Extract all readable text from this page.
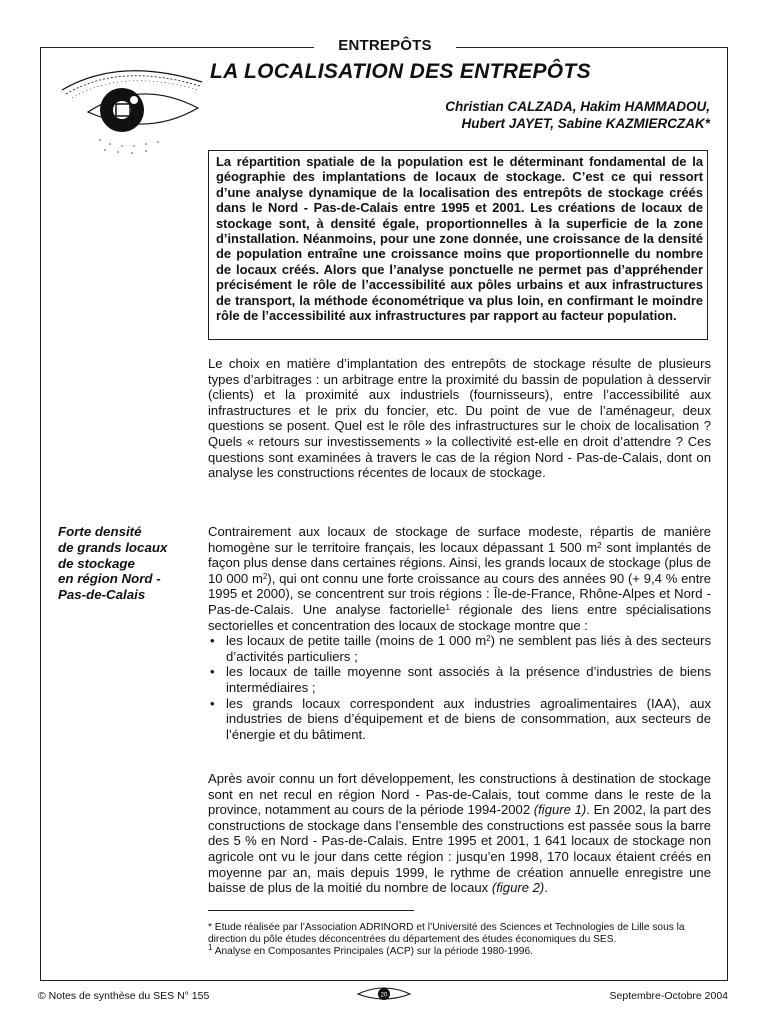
ENTREPÔTS
LA LOCALISATION DES ENTREPÔTS
Christian CALZADA, Hakim HAMMADOU,
Hubert JAYET, Sabine KAZMIERCZAK*
La répartition spatiale de la population est le déterminant fondamental de la géographie des implantations de locaux de stockage. C’est ce qui ressort d’une analyse dynamique de la localisation des entrepôts de stockage créés dans le Nord - Pas-de-Calais entre 1995 et 2001. Les créations de locaux de stockage sont, à densité égale, proportionnelles à la superficie de la zone d’installation. Néanmoins, pour une zone donnée, une croissance de la densité de population entraîne une croissance moins que proportionnelle du nombre de locaux créés. Alors que l’analyse ponctuelle ne permet pas d’appréhender précisément le rôle de l’accessibilité aux pôles urbains et aux infrastructures de transport, la méthode économétrique va plus loin, en confirmant le moindre rôle de l’accessibilité aux infrastructures par rapport au facteur population.
Le choix en matière d’implantation des entrepôts de stockage résulte de plusieurs types d’arbitrages : un arbitrage entre la proximité du bassin de population à desservir (clients) et la proximité aux industriels (fournisseurs), entre l’accessibilité aux infrastructures et le prix du foncier, etc. Du point de vue de l’aménageur, deux questions se posent. Quel est le rôle des infrastructures sur le choix de localisation ? Quels « retours sur investissements » la collectivité est-elle en droit d’attendre ? Ces questions sont examinées à travers le cas de la région Nord - Pas-de-Calais, dont on analyse les constructions récentes de locaux de stockage.
Forte densité
de grands locaux
de stockage
en région Nord -
Pas-de-Calais
Contrairement aux locaux de stockage de surface modeste, répartis de manière homogène sur le territoire français, les locaux dépassant 1 500 $m^2$ sont implantés de façon plus dense dans certaines régions. Ainsi, les grands locaux de stockage (plus de 10 000 $m^2$), qui ont connu une forte croissance au cours des années 90 (+ 9,4 % entre 1995 et 2000), se concentrent sur trois régions : Île-de-France, Rhône-Alpes et Nord - Pas-de-Calais. Une analyse factorielle$^1$ régionale des liens entre spécialisations sectorielles et concentration des locaux de stockage montre que :
• les locaux de petite taille (moins de 1 000 $m^2$) ne semblent pas liés à des secteurs d’activités particuliers ;
• les locaux de taille moyenne sont associés à la présence d’industries de biens intermédiaires ;
• les grands locaux correspondent aux industries agroalimentaires (IAA), aux industries de biens d’équipement et de biens de consommation, aux secteurs de l’énergie et du bâtiment.
Après avoir connu un fort développement, les constructions à destination de stockage sont en net recul en région Nord - Pas-de-Calais, tout comme dans le reste de la province, notamment au cours de la période 1994-2002 (figure 1). En 2002, la part des constructions de stockage dans l’ensemble des constructions est passée sous la barre des 5 % en Nord - Pas-de-Calais. Entre 1995 et 2001, 1 641 locaux de stockage non agricole ont vu le jour dans cette région : jusqu’en 1998, 170 locaux étaient créés en moyenne par an, mais depuis 1999, le rythme de création annuelle enregistre une baisse de plus de la moitié du nombre de locaux (figure 2).
* Etude réalisée par l’Association ADRINORD et l’Université des Sciences et Technologies de Lille sous la direction du pôle études déconcentrées du département des études économiques du SES.
$^1$ Analyse en Composantes Principales (ACP) sur la période 1980-1996.
© Notes de synthèse du SES N° 155	20	Septembre-Octobre 2004
